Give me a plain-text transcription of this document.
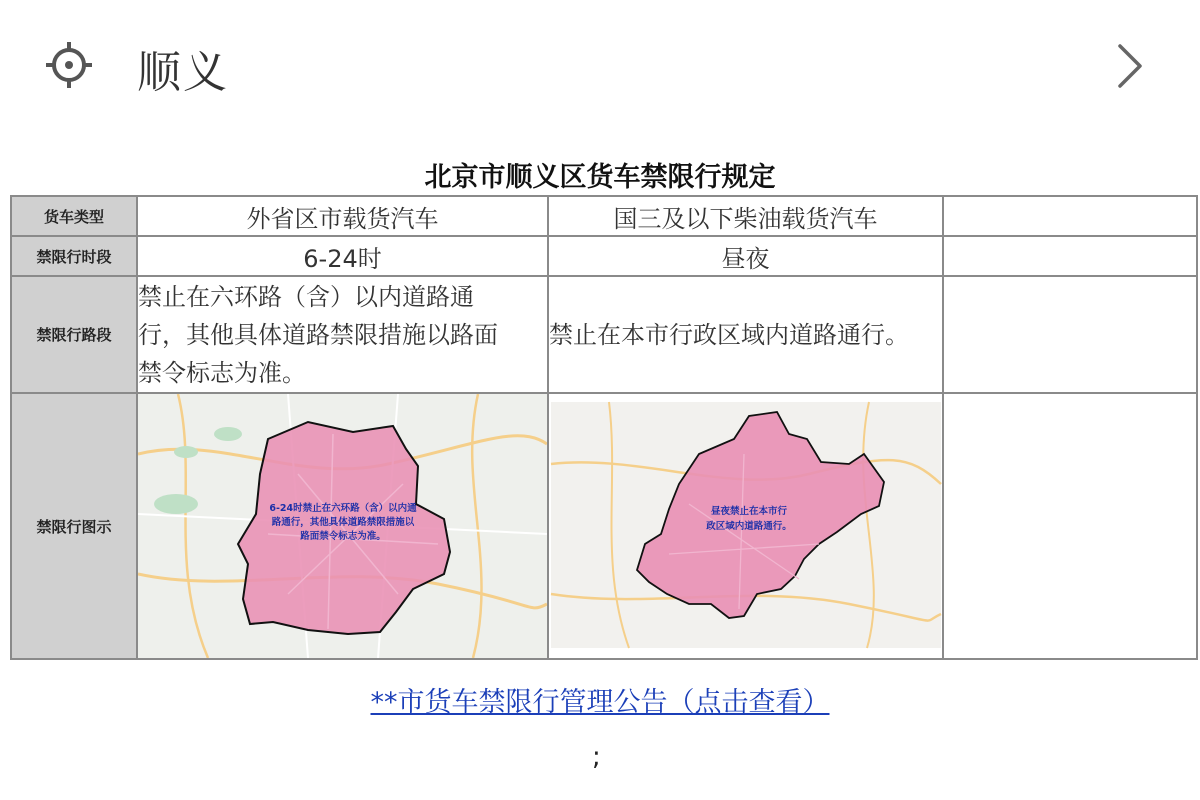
顺义
北京市顺义区货车禁限行规定
货车类型	外省区市载货汽车	国三及以下柴油载货汽车	
禁限行时段	6-24时	昼夜	
禁限行路段	禁止在六环路（含）以内道路通
行，其他具体道路禁限措施以路面
禁令标志为准。	禁止在本市行政区域内道路通行。	

禁限行图示	6-24时禁止在六环路（含）以内通
路通行，其他具体道路禁限措施以
路面禁令标志为准。	昼夜禁止在本市行
政区域内道路通行。	

**市货车禁限行管理公告（点击查看）
;
